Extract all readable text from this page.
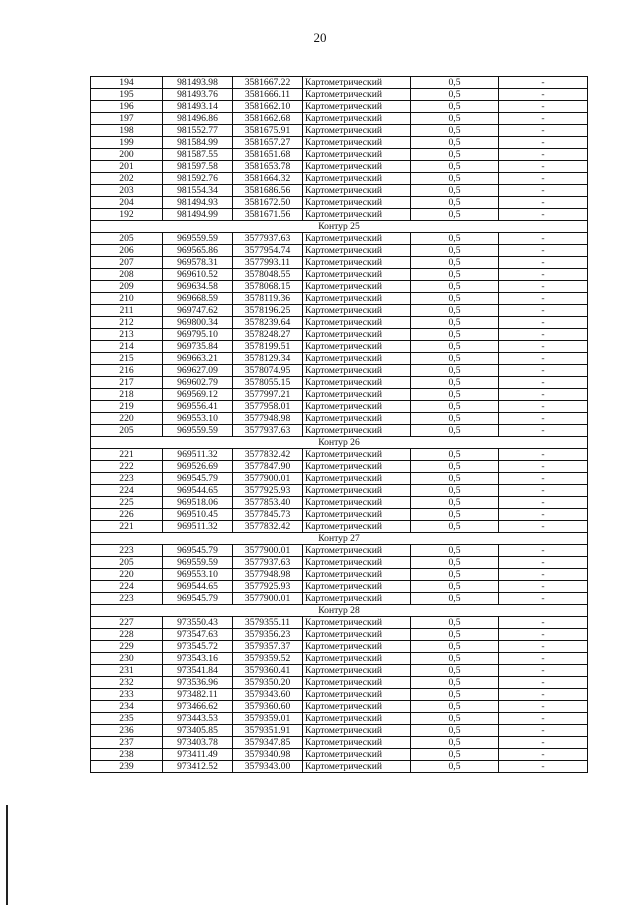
20
194	981493.98	3581667.22	Картометрический	0,5	-
195	981493.76	3581666.11	Картометрический	0,5	-
196	981493.14	3581662.10	Картометрический	0,5	-
197	981496.86	3581662.68	Картометрический	0,5	-
198	981552.77	3581675.91	Картометрический	0,5	-
199	981584.99	3581657.27	Картометрический	0,5	-
200	981587.55	3581651.68	Картометрический	0,5	-
201	981597.58	3581653.78	Картометрический	0,5	-
202	981592.76	3581664.32	Картометрический	0,5	-
203	981554.34	3581686.56	Картометрический	0,5	-
204	981494.93	3581672.50	Картометрический	0,5	-
192	981494.99	3581671.56	Картометрический	0,5	-
Контур 25					
205	969559.59	3577937.63	Картометрический	0,5	-
206	969565.86	3577954.74	Картометрический	0,5	-
207	969578.31	3577993.11	Картометрический	0,5	-
208	969610.52	3578048.55	Картометрический	0,5	-
209	969634.58	3578068.15	Картометрический	0,5	-
210	969668.59	3578119.36	Картометрический	0,5	-
211	969747.62	3578196.25	Картометрический	0,5	-
212	969800.34	3578239.64	Картометрический	0,5	-
213	969795.10	3578248.27	Картометрический	0,5	-
214	969735.84	3578199.51	Картометрический	0,5	-
215	969663.21	3578129.34	Картометрический	0,5	-
216	969627.09	3578074.95	Картометрический	0,5	-
217	969602.79	3578055.15	Картометрический	0,5	-
218	969569.12	3577997.21	Картометрический	0,5	-
219	969556.41	3577958.01	Картометрический	0,5	-
220	969553.10	3577948.98	Картометрический	0,5	-
205	969559.59	3577937.63	Картометрический	0,5	-
Контур 26					
221	969511.32	3577832.42	Картометрический	0,5	-
222	969526.69	3577847.90	Картометрический	0,5	-
223	969545.79	3577900.01	Картометрический	0,5	-
224	969544.65	3577925.93	Картометрический	0,5	-
225	969518.06	3577853.40	Картометрический	0,5	-
226	969510.45	3577845.73	Картометрический	0,5	-
221	969511.32	3577832.42	Картометрический	0,5	-
Контур 27					
223	969545.79	3577900.01	Картометрический	0,5	-
205	969559.59	3577937.63	Картометрический	0,5	-
220	969553.10	3577948.98	Картометрический	0,5	-
224	969544.65	3577925.93	Картометрический	0,5	-
223	969545.79	3577900.01	Картометрический	0,5	-
Контур 28					
227	973550.43	3579355.11	Картометрический	0,5	-
228	973547.63	3579356.23	Картометрический	0,5	-
229	973545.72	3579357.37	Картометрический	0,5	-
230	973543.16	3579359.52	Картометрический	0,5	-
231	973541.84	3579360.41	Картометрический	0,5	-
232	973536.96	3579350.20	Картометрический	0,5	-
233	973482.11	3579343.60	Картометрический	0,5	-
234	973466.62	3579360.60	Картометрический	0,5	-
235	973443.53	3579359.01	Картометрический	0,5	-
236	973405.85	3579351.91	Картометрический	0,5	-
237	973403.78	3579347.85	Картометрический	0,5	-
238	973411.49	3579340.98	Картометрический	0,5	-
239	973412.52	3579343.00	Картометрический	0,5	-
